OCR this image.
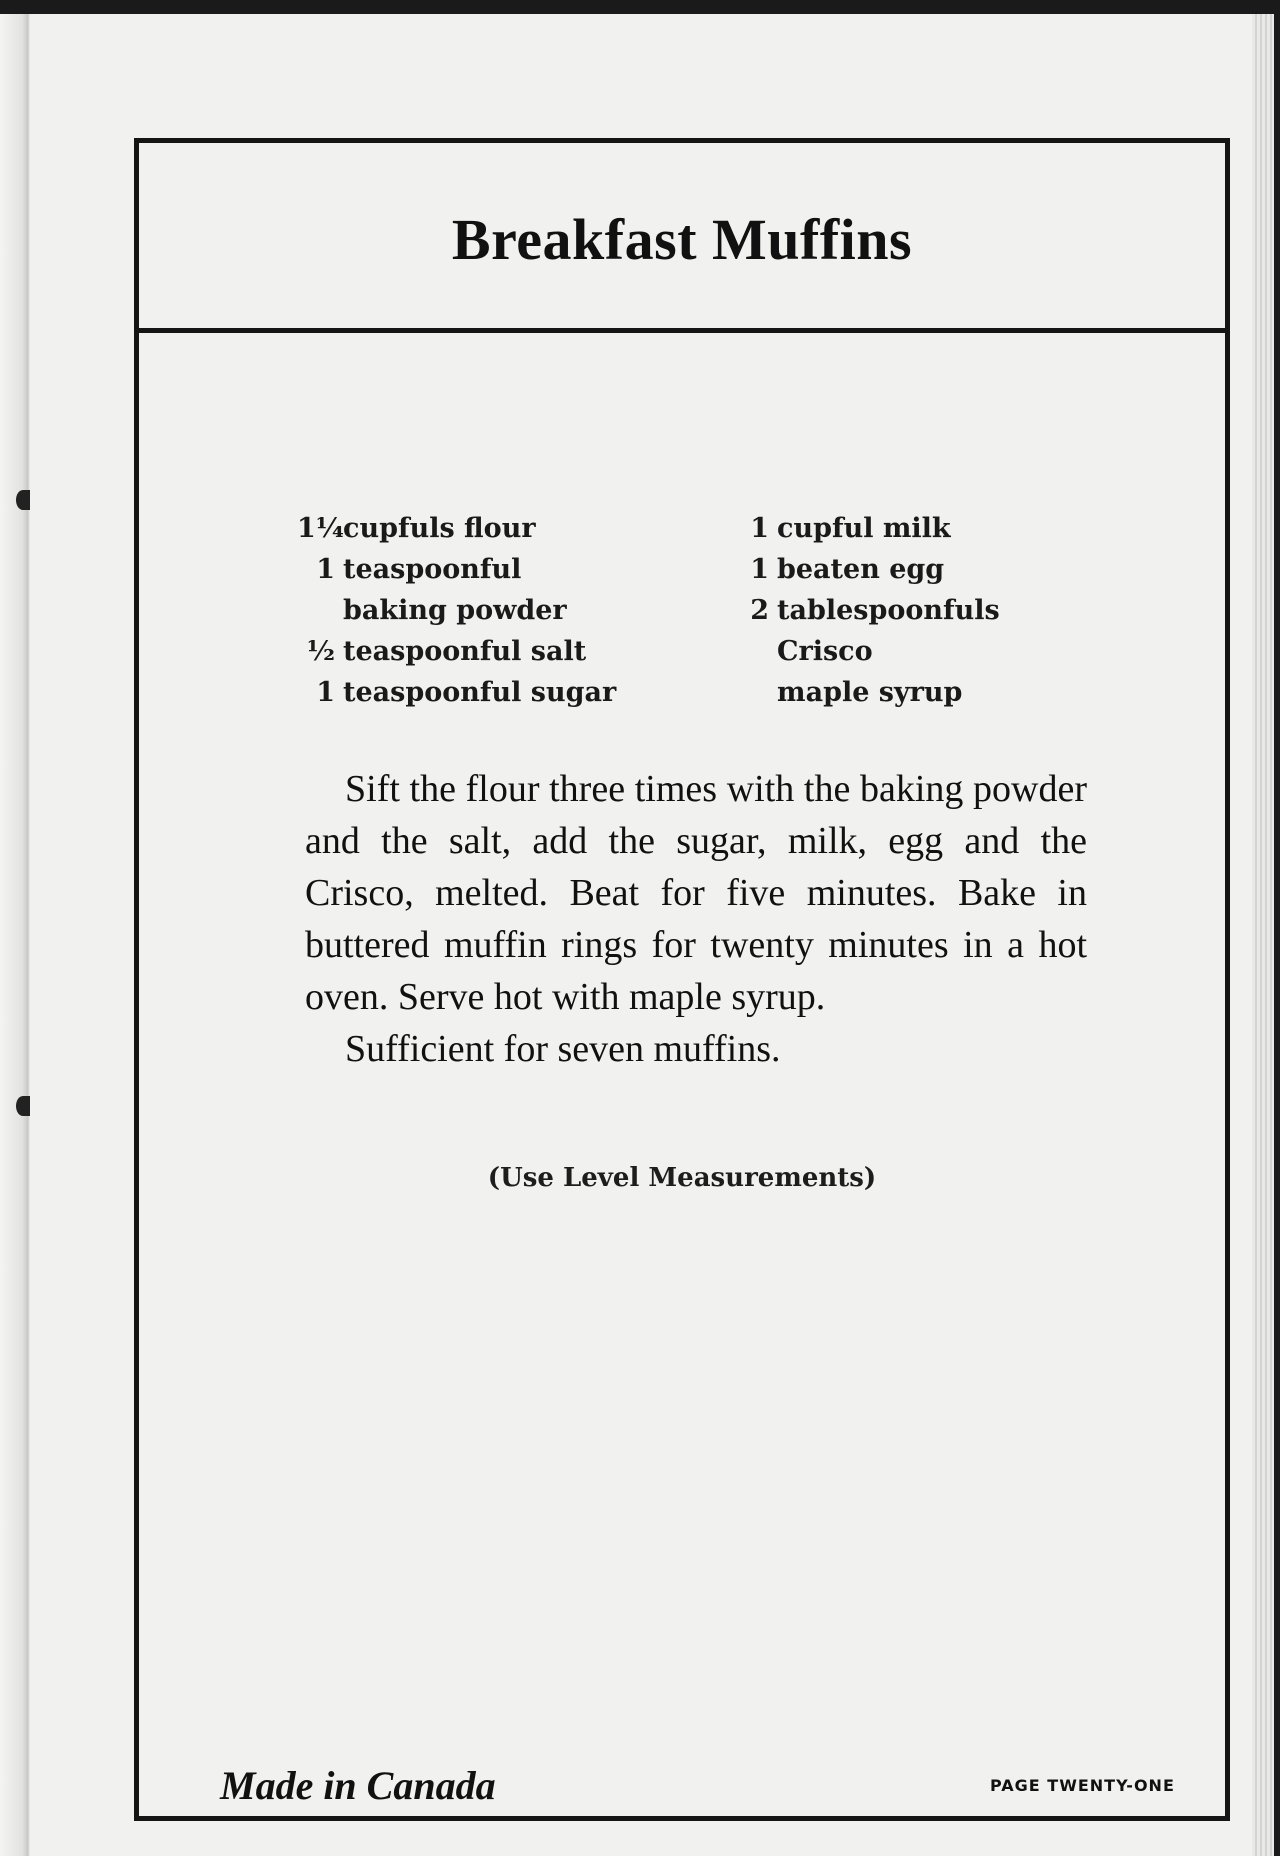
Breakfast Muffins
1¼ cupfuls flour
1 teaspoonful
baking powder
½ teaspoonful salt
1 teaspoonful sugar
1 cupful milk
1 beaten egg
2 tablespoonfuls
Crisco
maple syrup

Sift the flour three times with the baking powder and the salt, add the sugar, milk, egg and the Crisco, melted. Beat for five minutes. Bake in buttered muffin rings for twenty minutes in a hot oven. Serve hot with maple syrup.

Sufficient for seven muffins.

(Use Level Measurements)
Made in Canada	PAGE TWENTY-ONE
